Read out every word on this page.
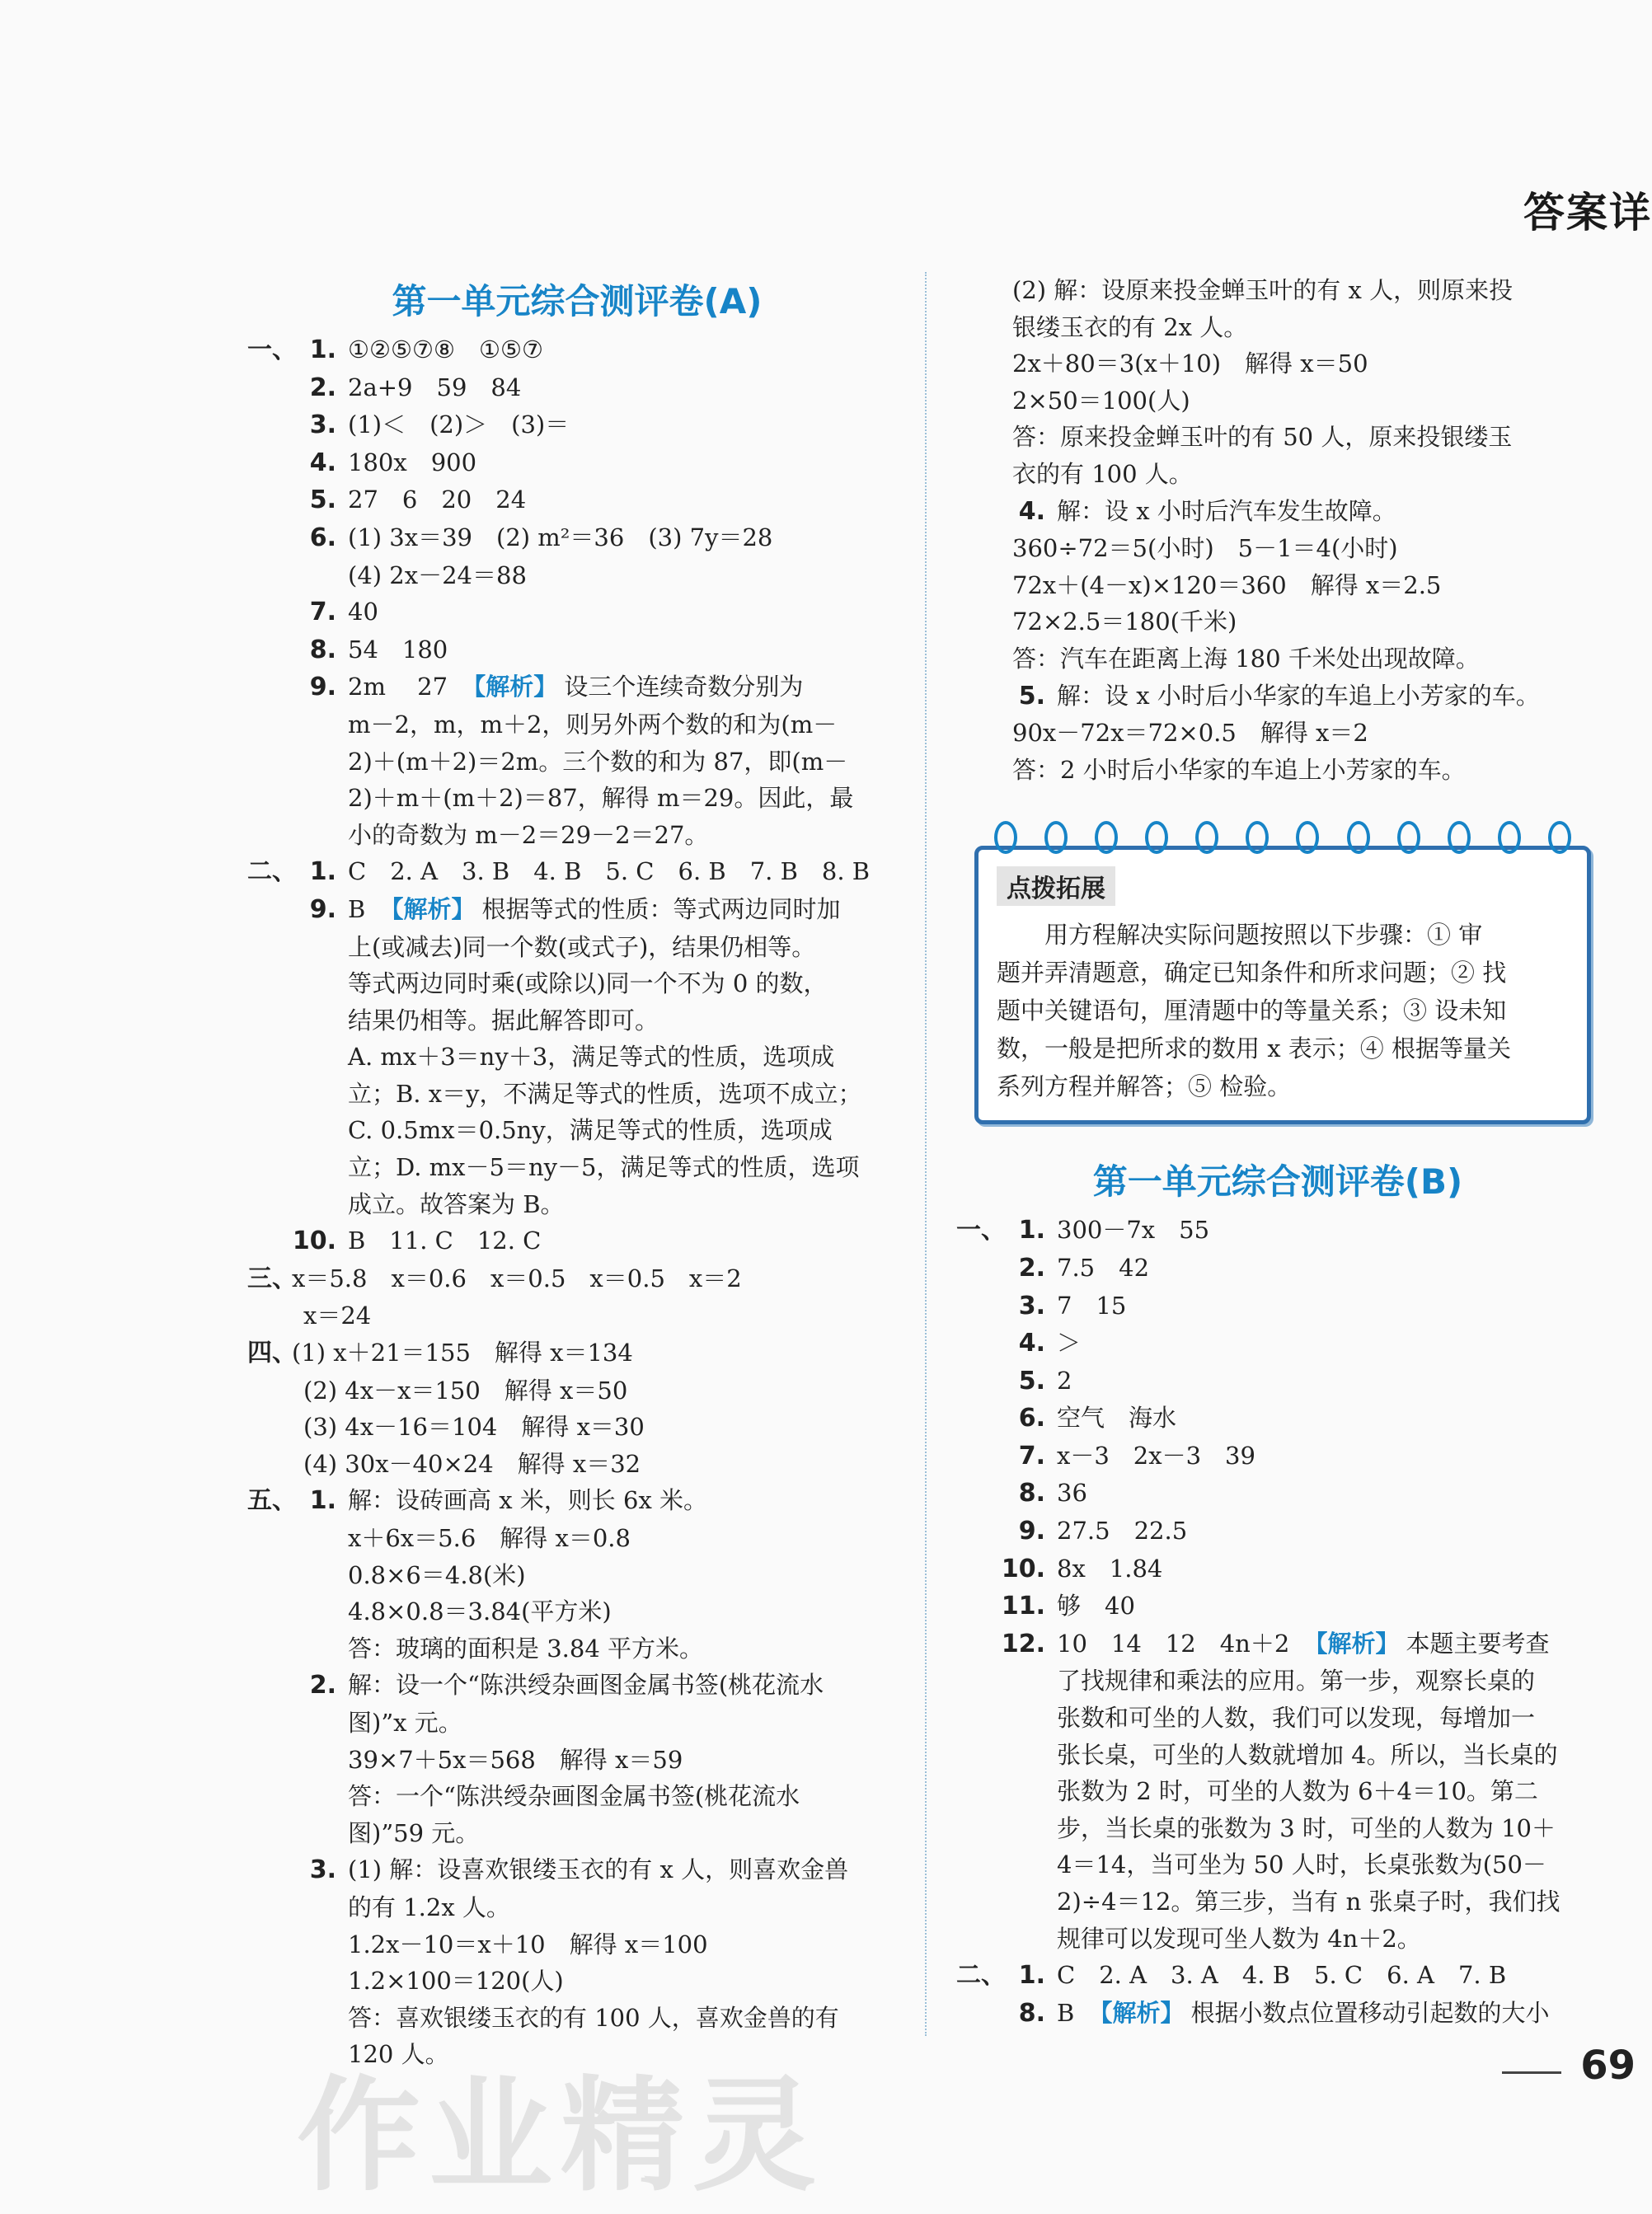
答案详
第一单元综合测评卷(A)
一、 1. ①②⑤⑦⑧　①⑤⑦
2. 2a+9　59　84
3. (1)＜　(2)＞　(3)＝
4. 180x　900
5. 27　6　20　24
6. (1) 3x＝39　(2) m²＝36　(3) 7y＝28
(4) 2x－24＝88
7. 40
8. 54　180
9. 2m　 27 【解析】 设三个连续奇数分别为
m－2，m，m＋2，则另外两个数的和为(m－
2)＋(m＋2)＝2m。三个数的和为 87，即(m－
2)＋m＋(m＋2)＝87，解得 m＝29。因此，最
小的奇数为 m－2＝29－2＝27。
二、 1. C　2. A　3. B　4. B　5. C　6. B　7. B　8. B
9. B 【解析】 根据等式的性质：等式两边同时加
上(或减去)同一个数(或式子)，结果仍相等。
等式两边同时乘(或除以)同一个不为 0 的数，
结果仍相等。据此解答即可。
A. mx＋3＝ny＋3，满足等式的性质，选项成
立；B. x＝y，不满足等式的性质，选项不成立；
C. 0.5mx＝0.5ny，满足等式的性质，选项成
立；D. mx－5＝ny－5，满足等式的性质，选项
成立。故答案为 B。
10. B　11. C　12. C
三、
x＝5.8　x＝0.6　x＝0.5　x＝0.5　x＝2
x＝24
四、
(1) x＋21＝155　解得 x＝134
(2) 4x－x＝150　解得 x＝50
(3) 4x－16＝104　解得 x＝30
(4) 30x－40×24　解得 x＝32
五、 1. 解：设砖画高 x 米，则长 6x 米。
x＋6x＝5.6　解得 x＝0.8
0.8×6＝4.8(米)
4.8×0.8＝3.84(平方米)
答：玻璃的面积是 3.84 平方米。
2. 解：设一个“陈洪绶杂画图金属书签(桃花流水
图)”x 元。
39×7＋5x＝568　解得 x＝59
答：一个“陈洪绶杂画图金属书签(桃花流水
图)”59 元。
3. (1) 解：设喜欢银缕玉衣的有 x 人，则喜欢金兽
的有 1.2x 人。
1.2x－10＝x＋10　解得 x＝100
1.2×100＝120(人)
答：喜欢银缕玉衣的有 100 人，喜欢金兽的有
120 人。
(2) 解：设原来投金蝉玉叶的有 x 人，则原来投
银缕玉衣的有 2x 人。
2x＋80＝3(x＋10)　解得 x＝50
2×50＝100(人)
答：原来投金蝉玉叶的有 50 人，原来投银缕玉
衣的有 100 人。
4. 解：设 x 小时后汽车发生故障。
360÷72＝5(小时)　5－1＝4(小时)
72x＋(4－x)×120＝360　解得 x＝2.5
72×2.5＝180(千米)
答：汽车在距离上海 180 千米处出现故障。
5. 解：设 x 小时后小华家的车追上小芳家的车。
90x－72x＝72×0.5　解得 x＝2
答：2 小时后小华家的车追上小芳家的车。
点拨拓展
用方程解决实际问题按照以下步骤：① 审
题并弄清题意，确定已知条件和所求问题；② 找
题中关键语句，厘清题中的等量关系；③ 设未知
数，一般是把所求的数用 x 表示；④ 根据等量关
系列方程并解答；⑤ 检验。
第一单元综合测评卷(B)
一、 1. 300－7x　55
2. 7.5　42
3. 7　15
4. ＞
5. 2
6. 空气　海水
7. x－3　2x－3　39
8. 36
9. 27.5　22.5
10. 8x　1.84
11. 够　40
12. 10　14　12　4n＋2 【解析】 本题主要考查
了找规律和乘法的应用。第一步，观察长桌的
张数和可坐的人数，我们可以发现，每增加一
张长桌，可坐的人数就增加 4。所以，当长桌的
张数为 2 时，可坐的人数为 6＋4＝10。第二
步，当长桌的张数为 3 时，可坐的人数为 10＋
4＝14，当可坐为 50 人时，长桌张数为(50－
2)÷4＝12。第三步，当有 n 张桌子时，我们找
规律可以发现可坐人数为 4n＋2。
二、 1. C　2. A　3. A　4. B　5. C　6. A　7. B
8. B 【解析】 根据小数点位置移动引起数的大小
69
作业精灵
